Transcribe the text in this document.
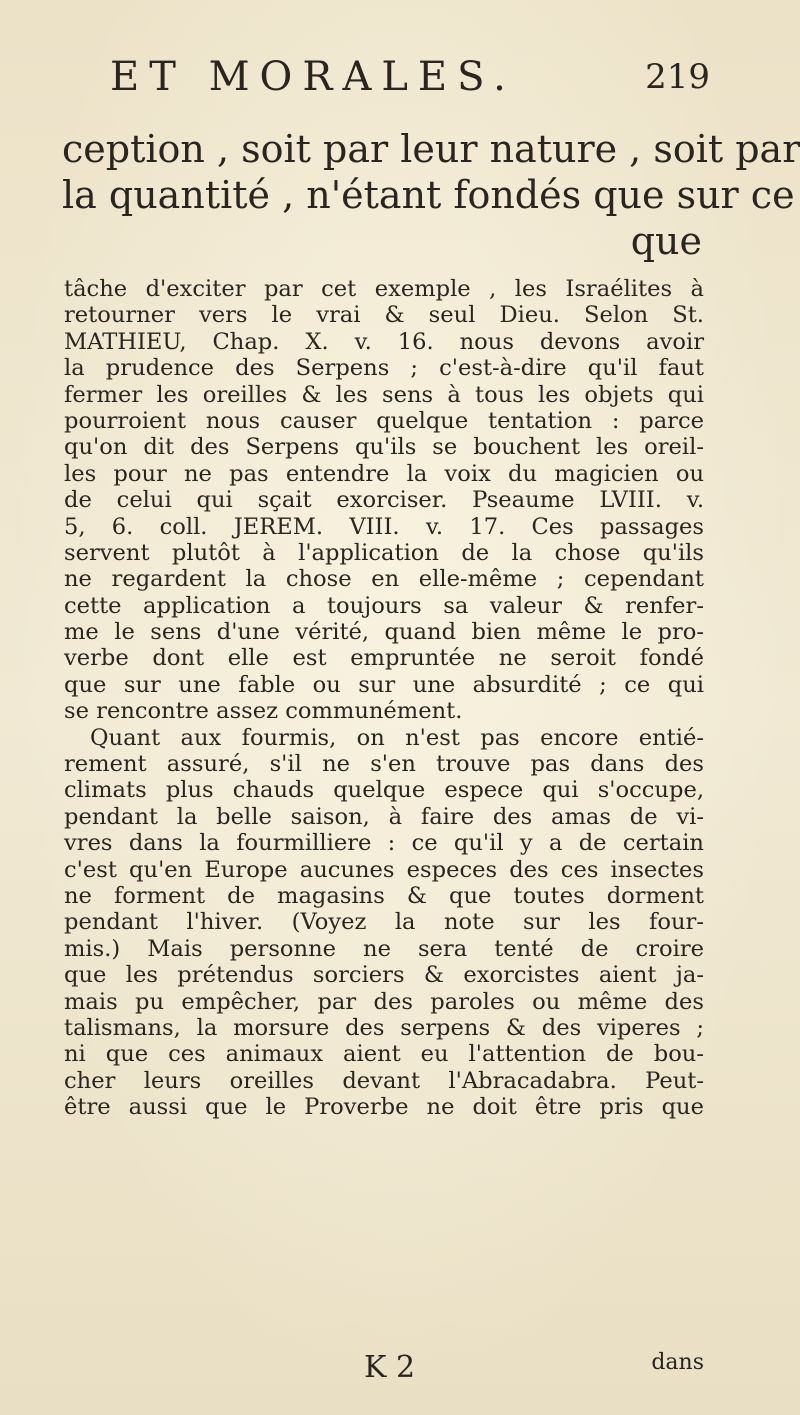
ET MORALES.	219
ception , soit par leur nature , soit par
la quantité , n'étant fondés que sur ce
que
tâche d'exciter par cet exemple , les Israélites à
retourner vers le vrai & seul Dieu. Selon St.
MATHIEU, Chap. X. v. 16. nous devons avoir
la prudence des Serpens ; c'est-à-dire qu'il faut
fermer les oreilles & les sens à tous les objets qui
pourroient nous causer quelque tentation : parce
qu'on dit des Serpens qu'ils se bouchent les oreil-
les pour ne pas entendre la voix du magicien ou
de celui qui sçait exorciser. Pseaume LVIII. v.
5, 6. coll. JEREM. VIII. v. 17. Ces passages
servent plutôt à l'application de la chose qu'ils
ne regardent la chose en elle-même ; cependant
cette application a toujours sa valeur & renfer-
me le sens d'une vérité, quand bien même le pro-
verbe dont elle est empruntée ne seroit fondé
que sur une fable ou sur une absurdité ; ce qui
se rencontre assez communément.
Quant aux fourmis, on n'est pas encore entié-
rement assuré, s'il ne s'en trouve pas dans des
climats plus chauds quelque espece qui s'occupe,
pendant la belle saison, à faire des amas de vi-
vres dans la fourmilliere : ce qu'il y a de certain
c'est qu'en Europe aucunes especes des ces insectes
ne forment de magasins & que toutes dorment
pendant l'hiver. (Voyez la note sur les four-
mis.) Mais personne ne sera tenté de croire
que les prétendus sorciers & exorcistes aient ja-
mais pu empêcher, par des paroles ou même des
talismans, la morsure des serpens & des viperes ;
ni que ces animaux aient eu l'attention de bou-
cher leurs oreilles devant l'Abracadabra. Peut-
être aussi que le Proverbe ne doit être pris que
K 2	dans
